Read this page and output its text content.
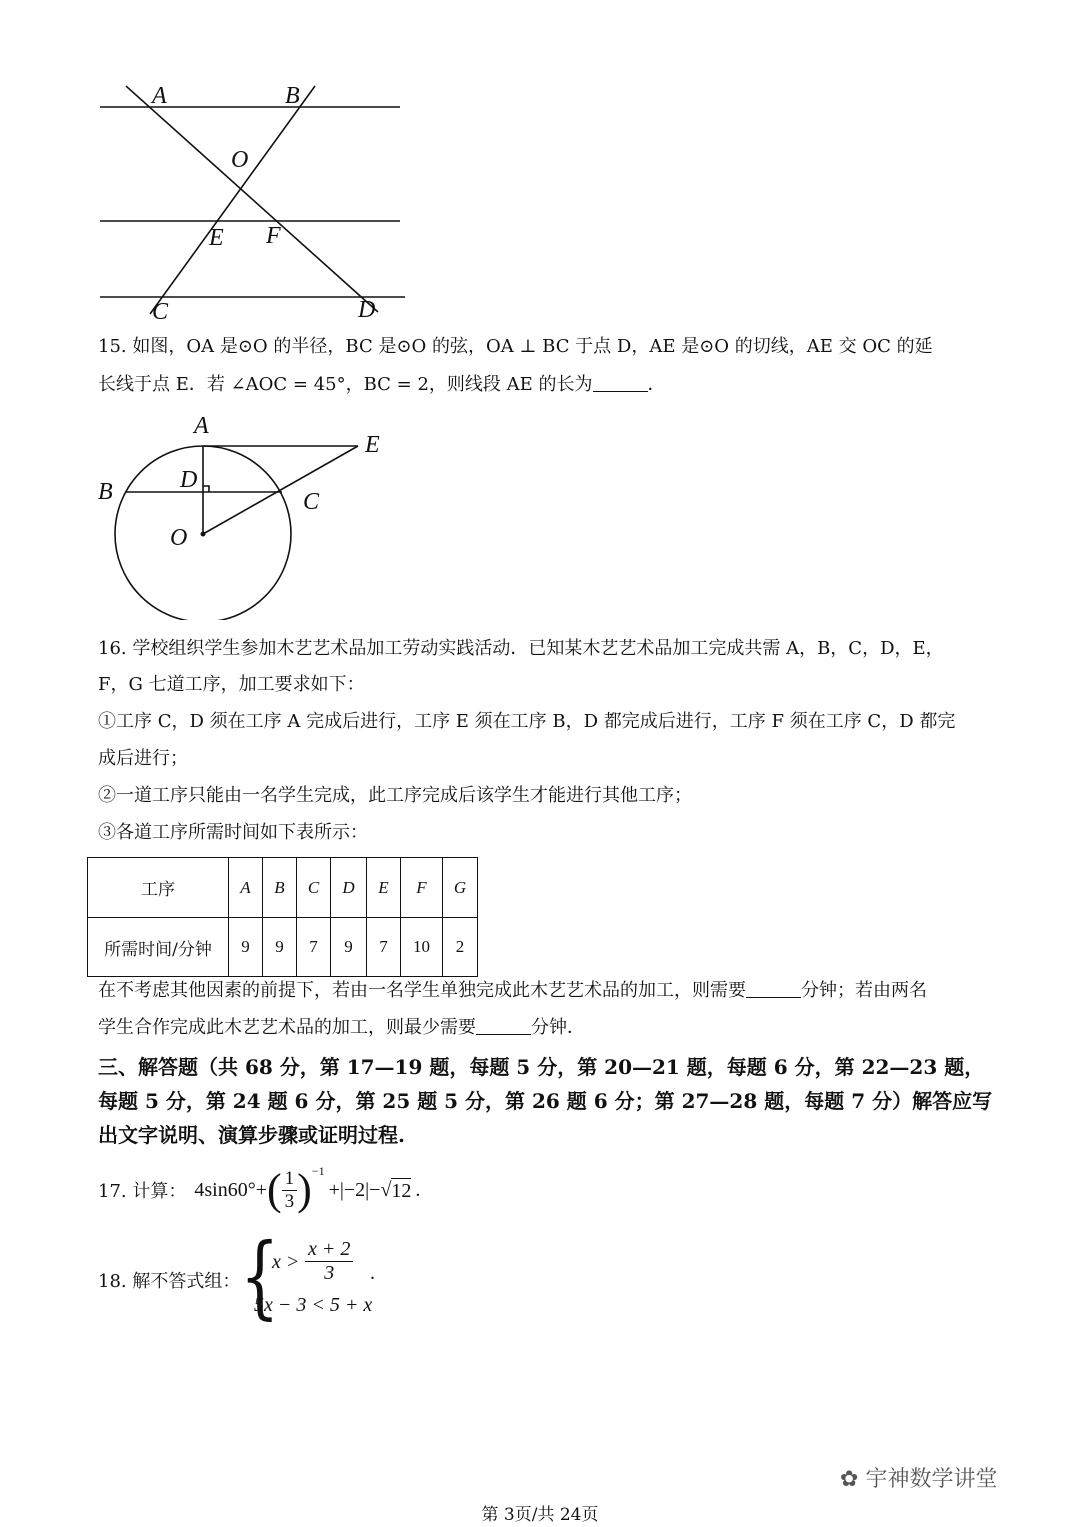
A	B
O
E F
C	D
15. 如图，OA 是⊙O 的半径，BC 是⊙O 的弦，OA ⊥ BC 于点 D，AE 是⊙O 的切线，AE 交 OC 的延
长线于点 E．若 ∠AOC = 45°，BC = 2，则线段 AE 的长为	．
A
E
B	D
C
O
16. 学校组织学生参加木艺艺术品加工劳动实践活动．已知某木艺艺术品加工完成共需 A，B，C，D，E，
F，G 七道工序，加工要求如下：
①工序 C，D 须在工序 A 完成后进行，工序 E 须在工序 B，D 都完成后进行，工序 F 须在工序 C，D 都完
成后进行；
②一道工序只能由一名学生完成，此工序完成后该学生才能进行其他工序；
③各道工序所需时间如下表所示：
工序	A	B	C	D	E	F	G
所需时间/分钟	9	9	7	9	7	10	2
在不考虑其他因素的前提下，若由一名学生单独完成此木艺艺术品的加工，则需要	分钟；若由两名
学生合作完成此木艺艺术品的加工，则最少需要	分钟．
三、解答题（共 68 分，第 17—19 题，每题 5 分，第 20—21 题，每题 6 分，第 22—23 题，
每题 5 分，第 24 题 6 分，第 25 题 5 分，第 26 题 6 分；第 27—28 题，每题 7 分）解答应写
出文字说明、演算步骤或证明过程.
17. 计算： 4sin60°+ ( $\frac{1}{3}$ ) −1
+|−2|− √ 12 .
18. 解不答式组： {
$x > \frac{x + 2}{3}$ .
5x − 3 < 5 + x
✿ 宇神数学讲堂
第 3页/共 24页
